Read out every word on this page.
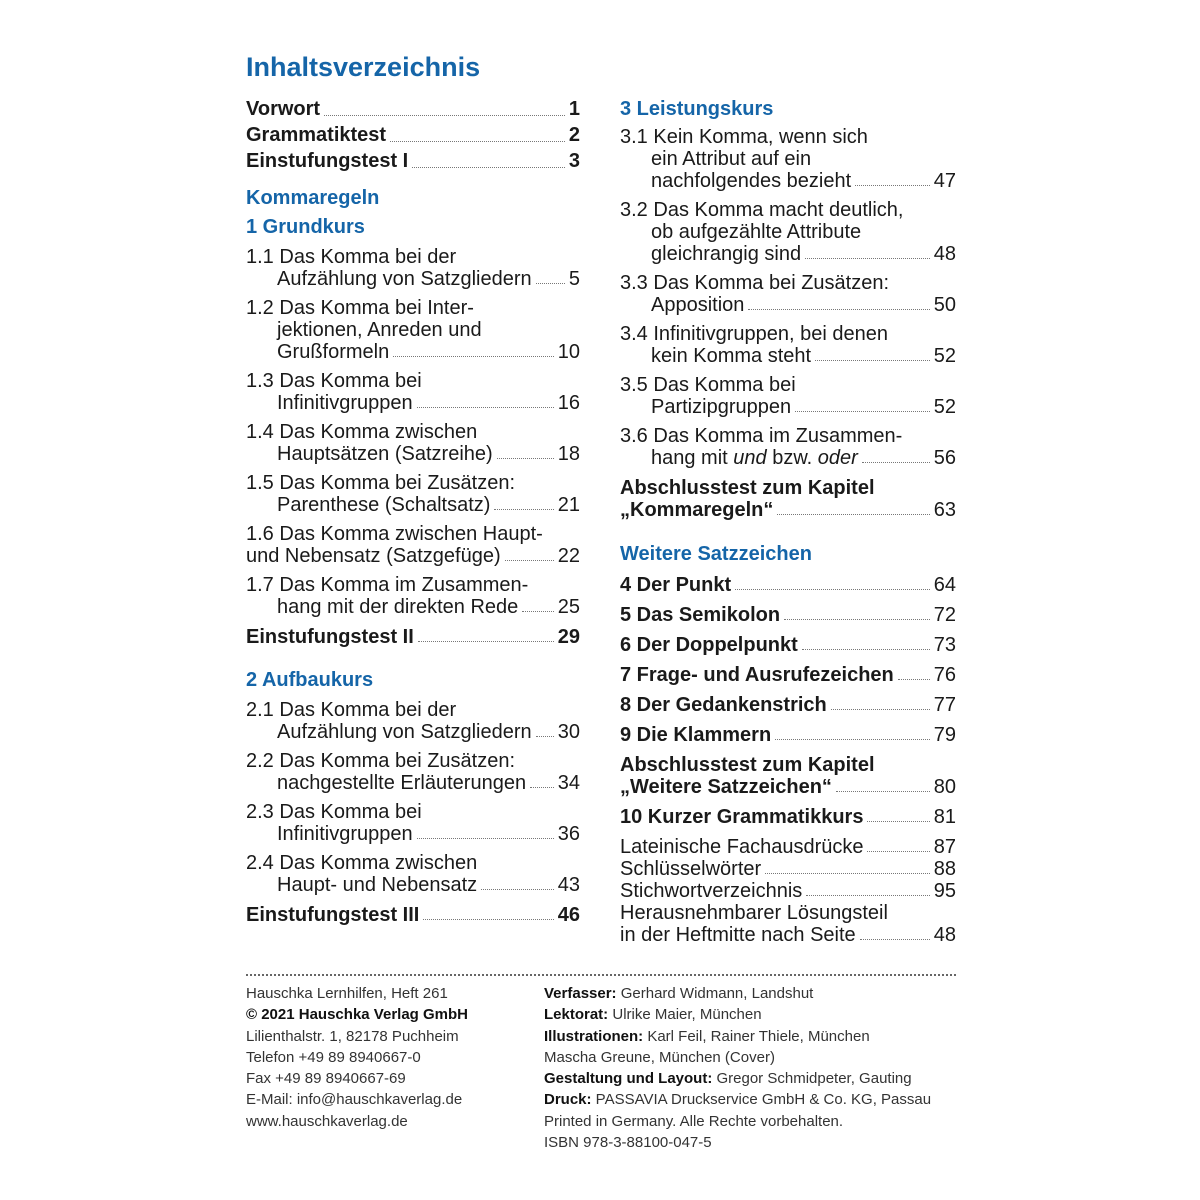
Inhaltsverzeichnis
Vorwort	1
Grammatiktest	2
Einstufungstest I	3
Kommaregeln
1 Grundkurs
1.1 Das Komma bei der
Aufzählung von Satzgliedern 5
1.2 Das Komma bei Inter-
jektionen, Anreden und
Grußformeln	10
1.3 Das Komma bei
Infinitivgruppen	16
1.4 Das Komma zwischen
Hauptsätzen (Satzreihe)	18
1.5 Das Komma bei Zusätzen:
Parenthese (Schaltsatz)	21
1.6 Das Komma zwischen Haupt-
und Nebensatz (Satzgefüge)	22
1.7 Das Komma im Zusammen-
hang mit der direkten Rede 25
Einstufungstest II	29
2 Aufbaukurs
2.1 Das Komma bei der
Aufzählung von Satzgliedern 30
2.2 Das Komma bei Zusätzen:
nachgestellte Erläuterungen 34
2.3 Das Komma bei
Infinitivgruppen	36
2.4 Das Komma zwischen
Haupt- und Nebensatz	43
Einstufungstest III	46
3 Leistungskurs
3.1 Kein Komma, wenn sich
ein Attribut auf ein
nachfolgendes bezieht	47
3.2 Das Komma macht deutlich,
ob aufgezählte Attribute
gleichrangig sind	48
3.3 Das Komma bei Zusätzen:
Apposition	50
3.4 Infinitivgruppen, bei denen
kein Komma steht	52
3.5 Das Komma bei
Partizipgruppen	52
3.6 Das Komma im Zusammen-
hang mit und bzw. oder	56
Abschlusstest zum Kapitel
„Kommaregeln“	63
Weitere Satzzeichen
4 Der Punkt	64
5 Das Semikolon	72
6 Der Doppelpunkt	73
7 Frage- und Ausrufezeichen 76
8 Der Gedankenstrich	77
9 Die Klammern	79
Abschlusstest zum Kapitel
„Weitere Satzzeichen“	80
10 Kurzer Grammatikkurs	81
Lateinische Fachausdrücke	87
Schlüsselwörter	88
Stichwortverzeichnis	95
Herausnehmbarer Lösungsteil
in der Heftmitte nach Seite	48
Hauschka Lernhilfen, Heft 261
© 2021 Hauschka Verlag GmbH
Lilienthalstr. 1, 82178 Puchheim
Telefon +49 89 8940667-0
Fax +49 89 8940667-69
E-Mail: info@hauschkaverlag.de
www.hauschkaverlag.de
Verfasser: Gerhard Widmann, Landshut
Lektorat: Ulrike Maier, München
Illustrationen: Karl Feil, Rainer Thiele, München
Mascha Greune, München (Cover)
Gestaltung und Layout: Gregor Schmidpeter, Gauting
Druck: PASSAVIA Druckservice GmbH & Co. KG, Passau
Printed in Germany. Alle Rechte vorbehalten.
ISBN 978-3-88100-047-5
